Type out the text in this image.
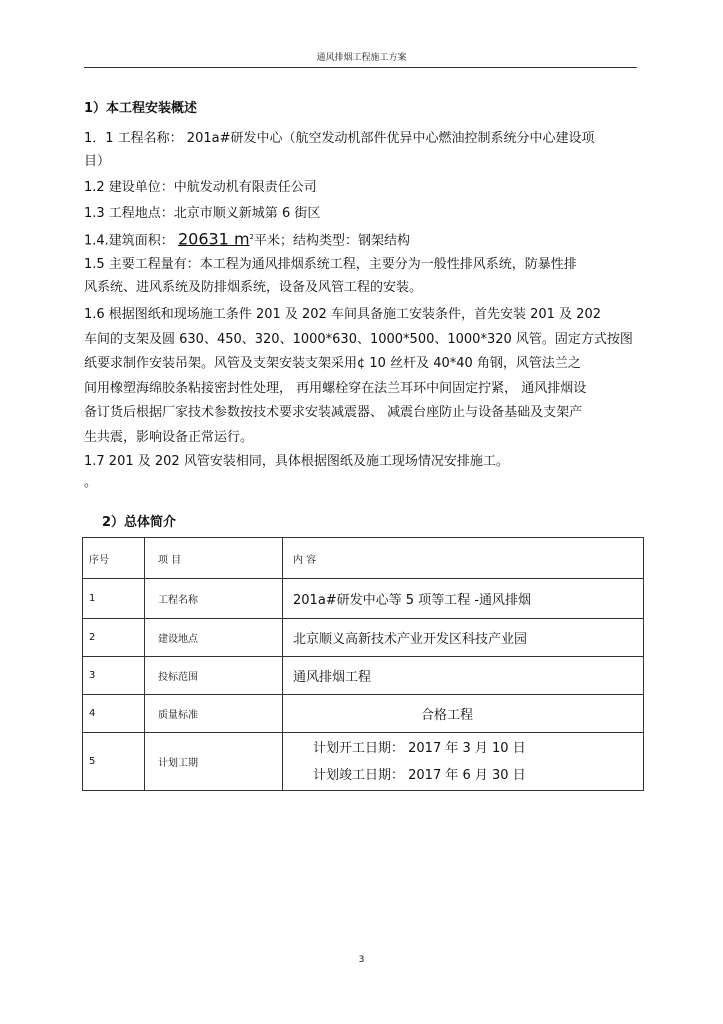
通风排烟工程施工方案
1）本工程安装概述
1．1 工程名称： 201a#研发中心（航空发动机部件优异中心燃油控制系统分中心建设项
目）
1.2 建设单位：中航发动机有限责任公司
1.3 工程地点：北京市顺义新城第 6 街区
1.4.建筑面积： 20631 $m^2$平米；结构类型：钢架结构
1.5 主要工程量有：本工程为通风排烟系统工程，主要分为一般性排风系统，防暴性排
风系统、进风系统及防排烟系统，设备及风管工程的安装。
1.6 根据图纸和现场施工条件 201 及 202 车间具备施工安装条件，首先安装 201 及 202
车间的支架及圆 630、450、320、1000*630、1000*500、1000*320 风管。固定方式按图
纸要求制作安装吊架。风管及支架安装支架采用¢ 10 丝杆及 40*40 角钢，风管法兰之
间用橡塑海绵胶条粘接密封性处理， 再用螺栓穿在法兰耳环中间固定拧紧， 通风排烟设
备订货后根据厂家技术参数按技术要求安装减震器、 减震台座防止与设备基础及支架产
生共震，影响设备正常运行。
1.7 201 及 202 风管安装相同，具体根据图纸及施工现场情况安排施工。
。
2）总体简介
序号	项 目	内 容
1	工程名称	201a#研发中心等 5 项等工程 -通风排烟
2	建设地点	北京顺义高新技术产业开发区科技产业园
3	投标范围	通风排烟工程
4	质量标准	合格工程
5	计划工期	计划开工日期： 2017 年 3 月 10 日
计划竣工日期： 2017 年 6 月 30 日
3
